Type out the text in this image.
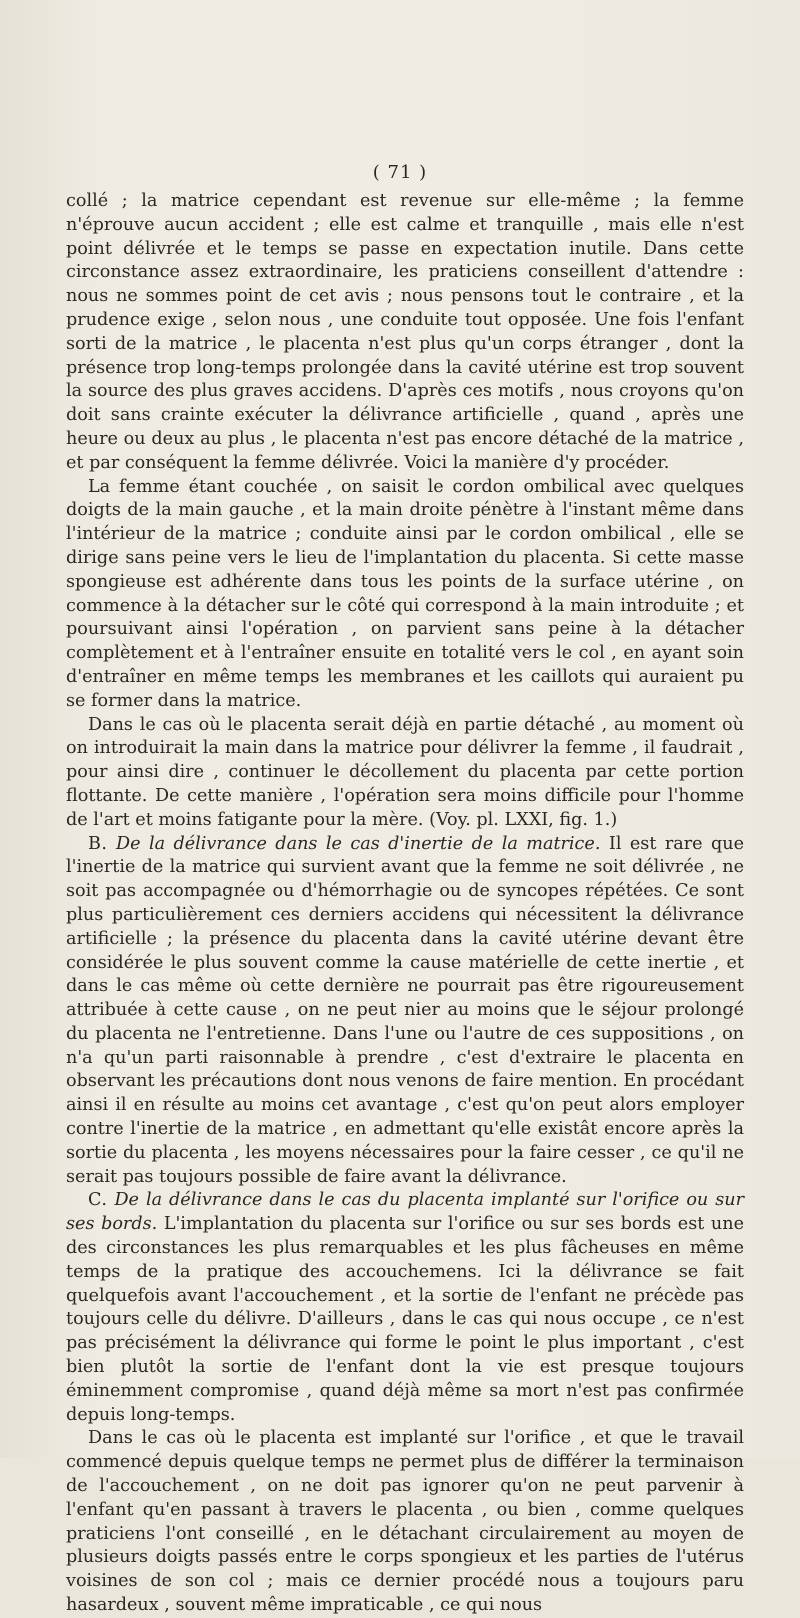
( 71 )

collé ; la matrice cependant est revenue sur elle-même ; la femme n'éprouve aucun accident ; elle est calme et tranquille , mais elle n'est point délivrée et le temps se passe en expectation inutile. Dans cette circonstance assez extraordinaire, les praticiens conseillent d'attendre : nous ne sommes point de cet avis ; nous pensons tout le contraire , et la prudence exige , selon nous , une conduite tout opposée. Une fois l'enfant sorti de la matrice , le placenta n'est plus qu'un corps étranger , dont la présence trop long-temps prolongée dans la cavité utérine est trop souvent la source des plus graves accidens. D'après ces motifs , nous croyons qu'on doit sans crainte exécuter la délivrance artificielle , quand , après une heure ou deux au plus , le placenta n'est pas encore détaché de la matrice , et par conséquent la femme délivrée. Voici la manière d'y procéder.

La femme étant couchée , on saisit le cordon ombilical avec quelques doigts de la main gauche , et la main droite pénètre à l'instant même dans l'intérieur de la matrice ; conduite ainsi par le cordon ombilical , elle se dirige sans peine vers le lieu de l'implantation du placenta. Si cette masse spongieuse est adhérente dans tous les points de la surface utérine , on commence à la détacher sur le côté qui correspond à la main introduite ; et poursuivant ainsi l'opération , on parvient sans peine à la détacher complètement et à l'entraîner ensuite en totalité vers le col , en ayant soin d'entraîner en même temps les membranes et les caillots qui auraient pu se former dans la matrice.

Dans le cas où le placenta serait déjà en partie détaché , au moment où on introduirait la main dans la matrice pour délivrer la femme , il faudrait , pour ainsi dire , continuer le décollement du placenta par cette portion flottante. De cette manière , l'opération sera moins difficile pour l'homme de l'art et moins fatigante pour la mère. (Voy. pl. LXXI, fig. 1.)

B. De la délivrance dans le cas d'inertie de la matrice. Il est rare que l'inertie de la matrice qui survient avant que la femme ne soit délivrée , ne soit pas accompagnée ou d'hémorrhagie ou de syncopes répétées. Ce sont plus particulièrement ces derniers accidens qui nécessitent la délivrance artificielle ; la présence du placenta dans la cavité utérine devant être considérée le plus souvent comme la cause matérielle de cette inertie , et dans le cas même où cette dernière ne pourrait pas être rigoureusement attribuée à cette cause , on ne peut nier au moins que le séjour prolongé du placenta ne l'entretienne. Dans l'une ou l'autre de ces suppositions , on n'a qu'un parti raisonnable à prendre , c'est d'extraire le placenta en observant les précautions dont nous venons de faire mention. En procédant ainsi il en résulte au moins cet avantage , c'est qu'on peut alors employer contre l'inertie de la matrice , en admettant qu'elle existât encore après la sortie du placenta , les moyens nécessaires pour la faire cesser , ce qu'il ne serait pas toujours possible de faire avant la délivrance.

C. De la délivrance dans le cas du placenta implanté sur l'orifice ou sur ses bords. L'implantation du placenta sur l'orifice ou sur ses bords est une des circonstances les plus remarquables et les plus fâcheuses en même temps de la pratique des accouchemens. Ici la délivrance se fait quelquefois avant l'accouchement , et la sortie de l'enfant ne précède pas toujours celle du délivre. D'ailleurs , dans le cas qui nous occupe , ce n'est pas précisément la délivrance qui forme le point le plus important , c'est bien plutôt la sortie de l'enfant dont la vie est presque toujours éminemment compromise , quand déjà même sa mort n'est pas confirmée depuis long-temps.

Dans le cas où le placenta est implanté sur l'orifice , et que le travail commencé depuis quelque temps ne permet plus de différer la terminaison de l'accouchement , on ne doit pas ignorer qu'on ne peut parvenir à l'enfant qu'en passant à travers le placenta , ou bien , comme quelques praticiens l'ont conseillé , en le détachant circulairement au moyen de plusieurs doigts passés entre le corps spongieux et les parties de l'utérus voisines de son col ; mais ce dernier procédé nous a toujours paru hasardeux , souvent même impraticable , ce qui nous
